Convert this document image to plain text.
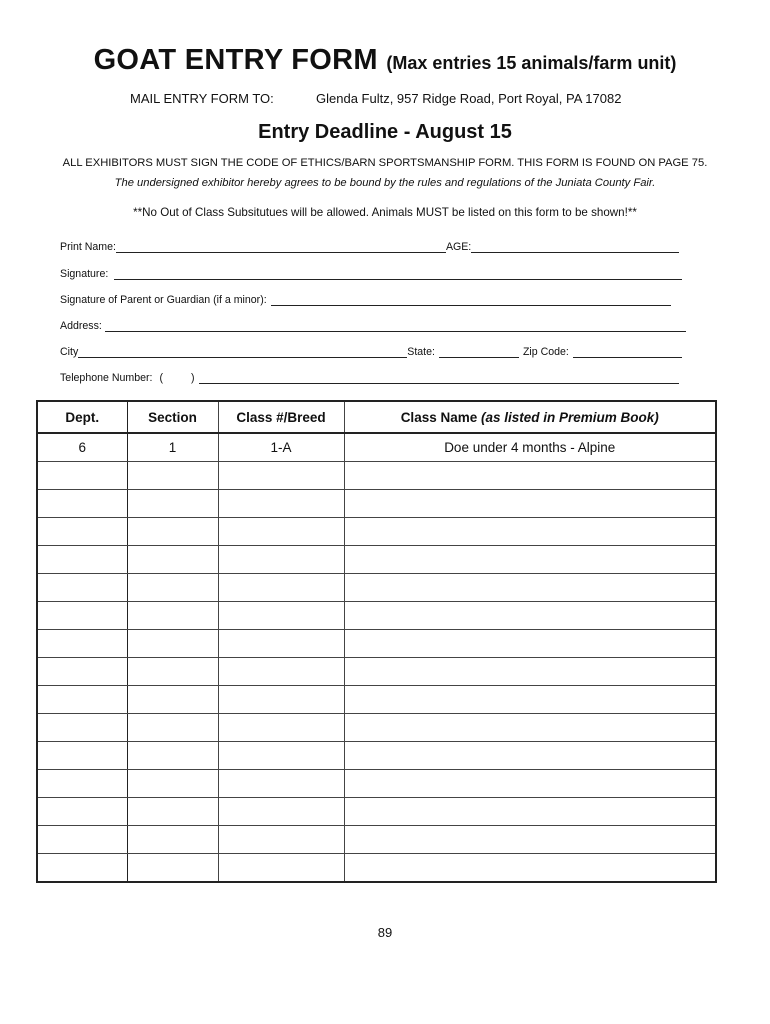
GOAT ENTRY FORM (Max entries 15 animals/farm unit)
MAIL ENTRY FORM TO:	Glenda Fultz, 957 Ridge Road, Port Royal, PA 17082
Entry Deadline - August 15
ALL EXHIBITORS MUST SIGN THE CODE OF ETHICS/BARN SPORTSMANSHIP FORM. THIS FORM IS FOUND ON PAGE 75.
The undersigned exhibitor hereby agrees to be bound by the rules and regulations of the Juniata County Fair.
**No Out of Class Subsitutues will be allowed. Animals MUST be listed on this form to be shown!**
Print Name:	AGE:
Signature:
Signature of Parent or Guardian (if a minor):
Address:
City	State:	Zip Code:
Telephone Number: (	)
Dept.	Section	Class #/Breed	Class Name (as listed in Premium Book)
6	1	1-A	Doe under 4 months - Alpine

89
